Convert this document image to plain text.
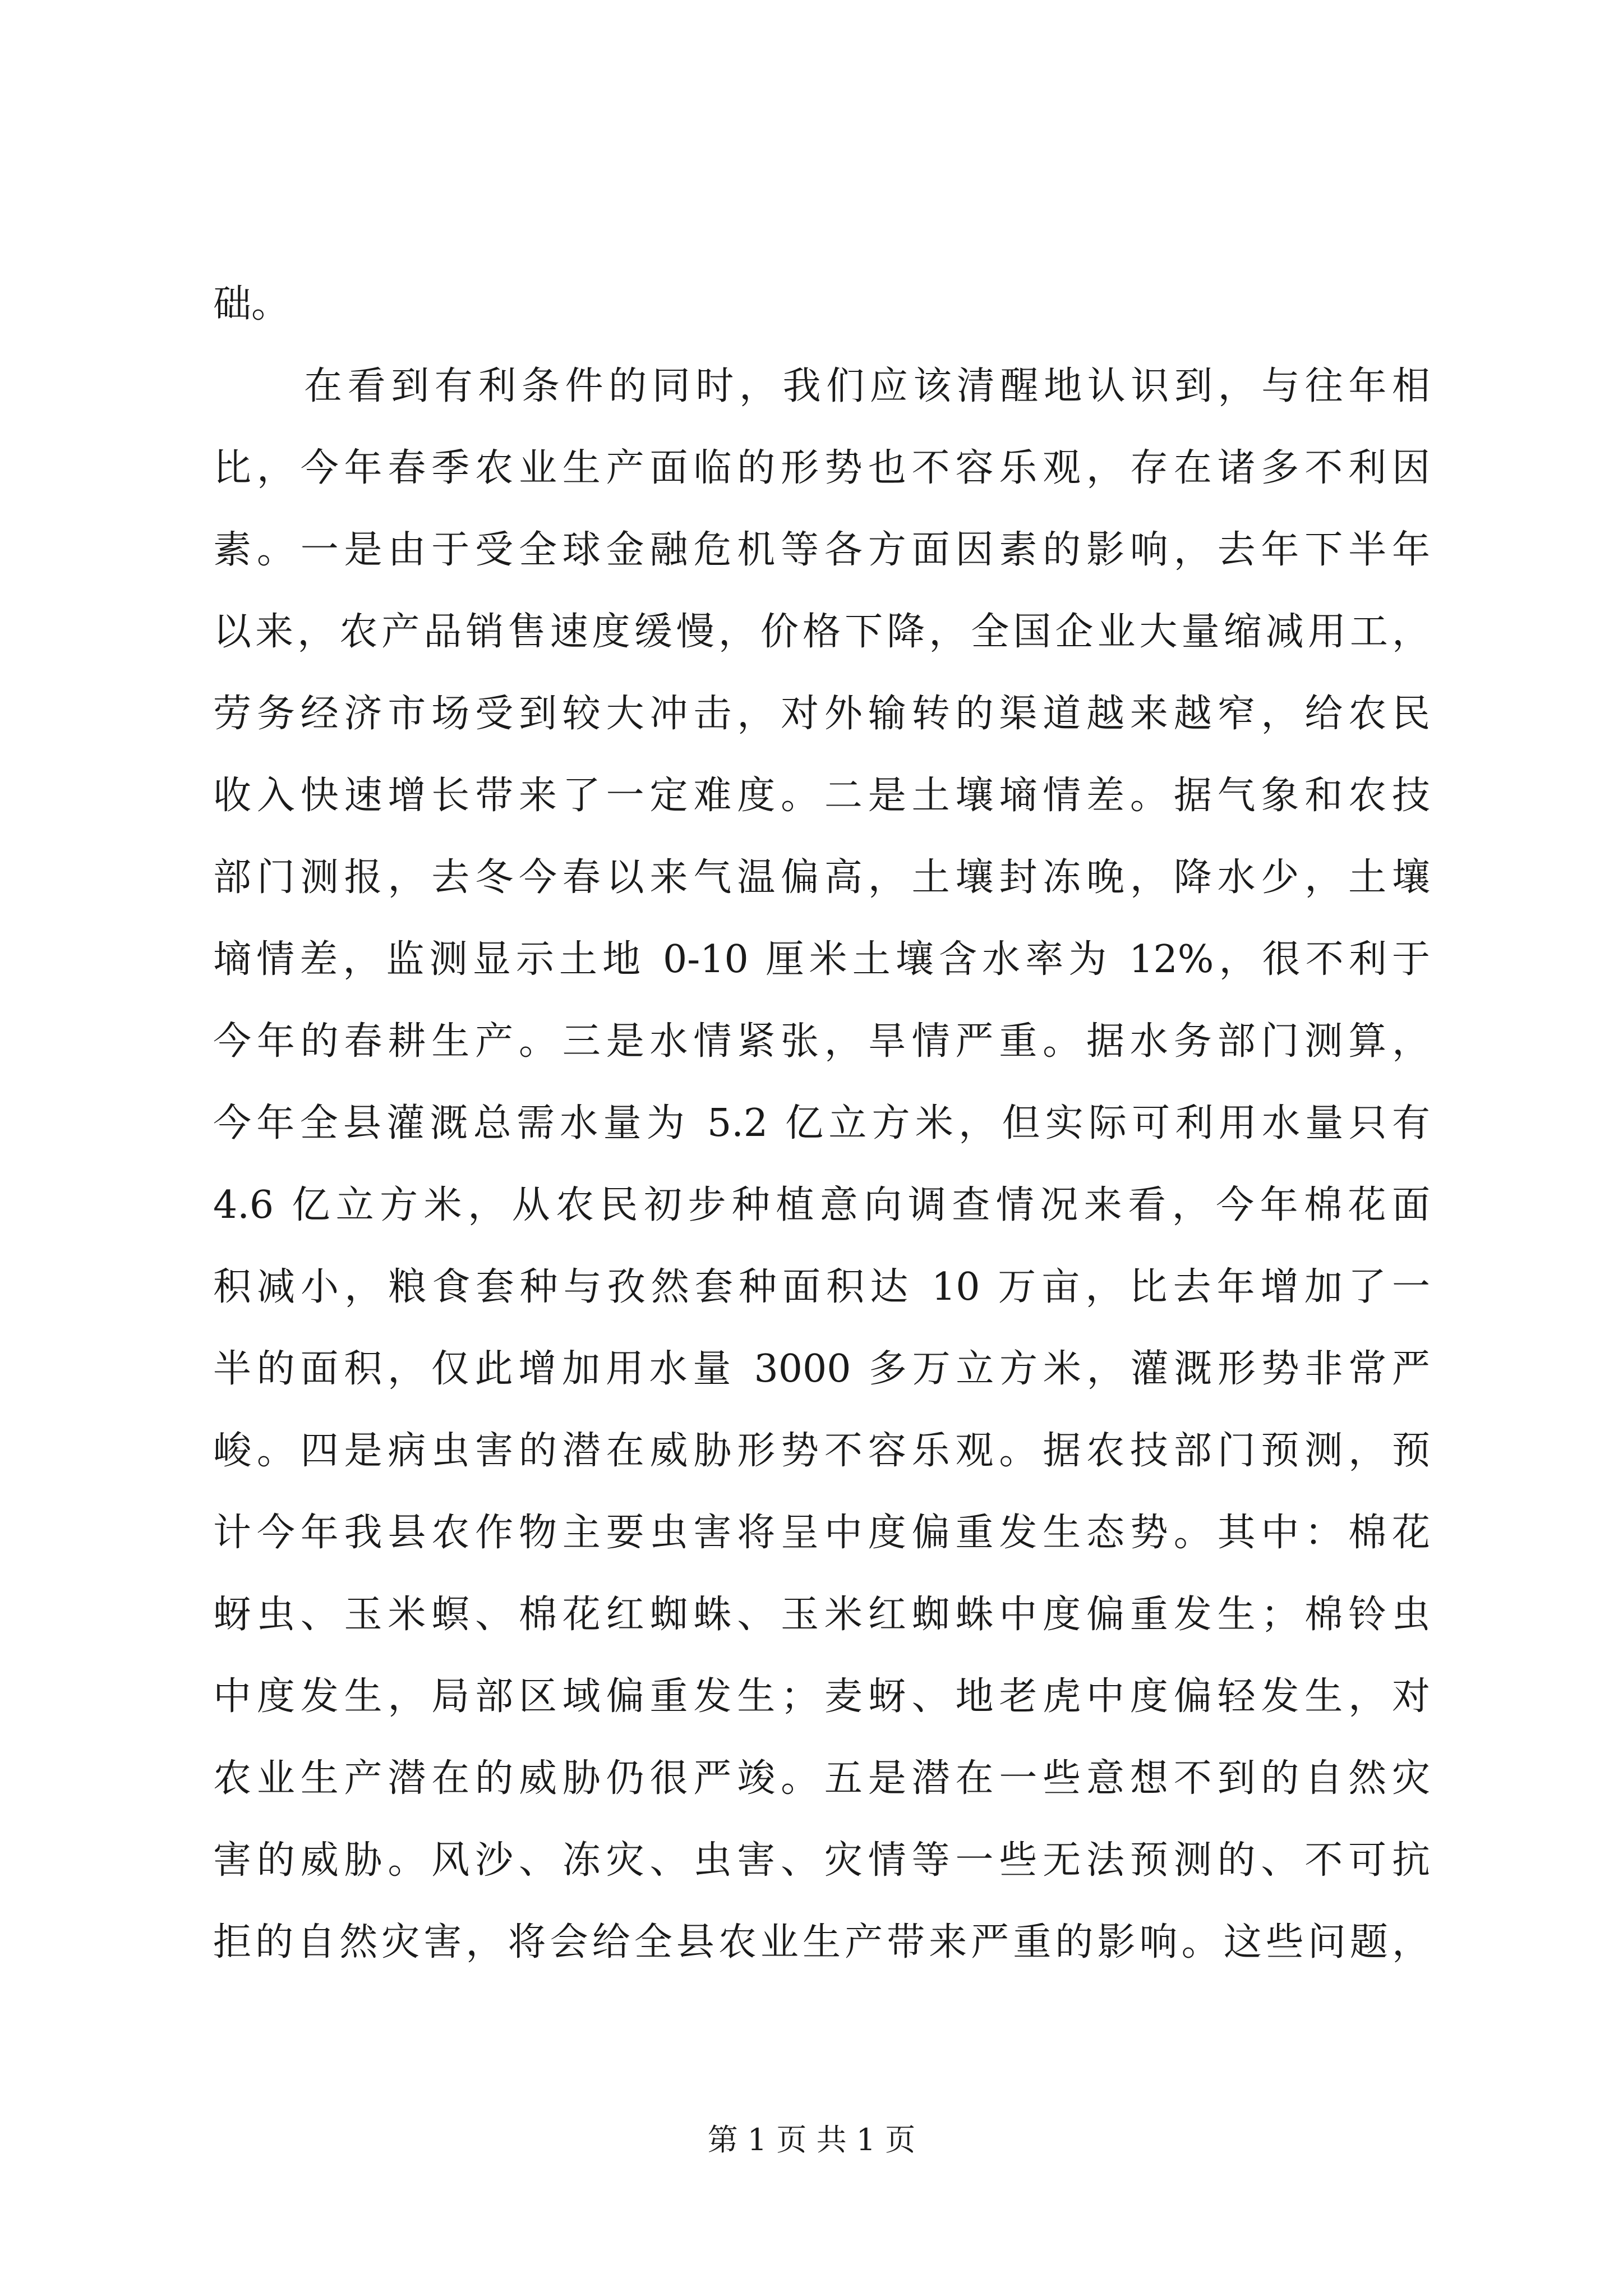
础。
在看到有利条件的同时，我们应该清醒地认识到，与往年相
比，今年春季农业生产面临的形势也不容乐观，存在诸多不利因
素。一是由于受全球金融危机等各方面因素的影响，去年下半年
以来，农产品销售速度缓慢，价格下降，全国企业大量缩减用工，
劳务经济市场受到较大冲击，对外输转的渠道越来越窄，给农民
收入快速增长带来了一定难度。二是土壤墒情差。据气象和农技
部门测报，去冬今春以来气温偏高，土壤封冻晚，降水少，土壤
墒情差，监测显示土地 0-10 厘米土壤含水率为 12%，很不利于
今年的春耕生产。三是水情紧张，旱情严重。据水务部门测算，
今年全县灌溉总需水量为 5.2 亿立方米，但实际可利用水量只有
4.6 亿立方米，从农民初步种植意向调查情况来看，今年棉花面
积减小，粮食套种与孜然套种面积达 10 万亩，比去年增加了一
半的面积，仅此增加用水量 3000 多万立方米，灌溉形势非常严
峻。四是病虫害的潜在威胁形势不容乐观。据农技部门预测，预
计今年我县农作物主要虫害将呈中度偏重发生态势。其中：棉花
蚜虫、玉米螟、棉花红蜘蛛、玉米红蜘蛛中度偏重发生；棉铃虫
中度发生，局部区域偏重发生；麦蚜、地老虎中度偏轻发生，对
农业生产潜在的威胁仍很严竣。五是潜在一些意想不到的自然灾
害的威胁。风沙、冻灾、虫害、灾情等一些无法预测的、不可抗
拒的自然灾害，将会给全县农业生产带来严重的影响。这些问题，
第 1 页 共 1 页
